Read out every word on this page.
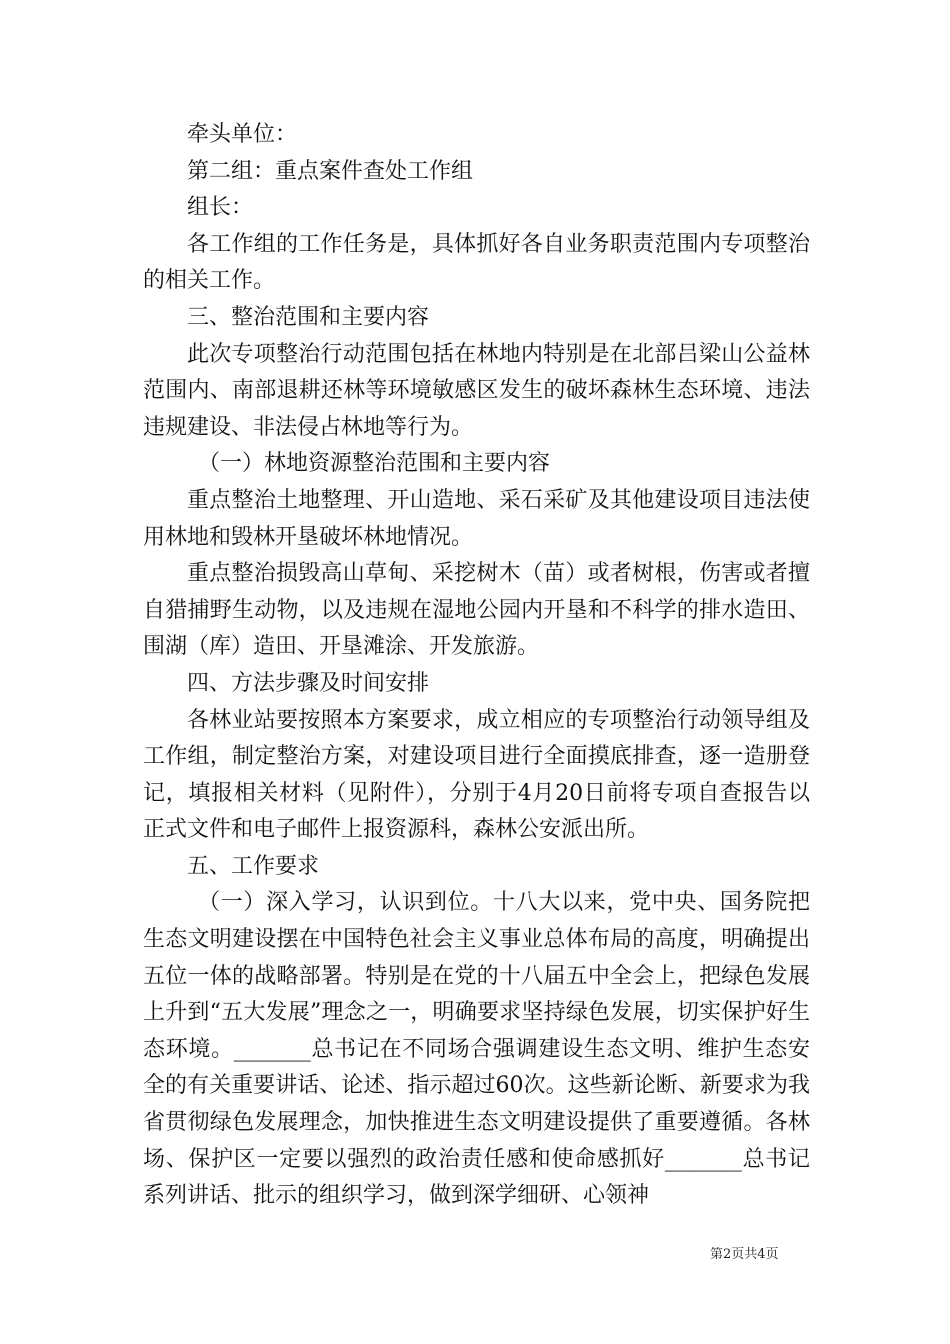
牵头单位：

第二组：重点案件查处工作组

组长：

各工作组的工作任务是，具体抓好各自业务职责范围内专项整治的相关工作。

三、整治范围和主要内容

此次专项整治行动范围包括在林地内特别是在北部吕梁山公益林范围内、南部退耕还林等环境敏感区发生的破坏森林生态环境、违法违规建设、非法侵占林地等行为。

（一）林地资源整治范围和主要内容

重点整治土地整理、开山造地、采石采矿及其他建设项目违法使用林地和毁林开垦破坏林地情况。

重点整治损毁高山草甸、采挖树木（苗）或者树根，伤害或者擅自猎捕野生动物，以及违规在湿地公园内开垦和不科学的排水造田、围湖（库）造田、开垦滩涂、开发旅游。

四、方法步骤及时间安排

各林业站要按照本方案要求，成立相应的专项整治行动领导组及工作组，制定整治方案，对建设项目进行全面摸底排查，逐一造册登记，填报相关材料（见附件），分别于4月20日前将专项自查报告以正式文件和电子邮件上报资源科，森林公安派出所。

五、工作要求

（一）深入学习，认识到位。十八大以来，党中央、国务院把生态文明建设摆在中国特色社会主义事业总体布局的高度，明确提出五位一体的战略部署。特别是在党的十八届五中全会上，把绿色发展上升到“五大发展”理念之一，明确要求坚持绿色发展，切实保护好生态环境。_______总书记在不同场合强调建设生态文明、维护生态安全的有关重要讲话、论述、指示超过60次。这些新论断、新要求为我省贯彻绿色发展理念，加快推进生态文明建设提供了重要遵循。各林场、保护区一定要以强烈的政治责任感和使命感抓好_______总书记系列讲话、批示的组织学习，做到深学细研、心领神

第2页共4页
